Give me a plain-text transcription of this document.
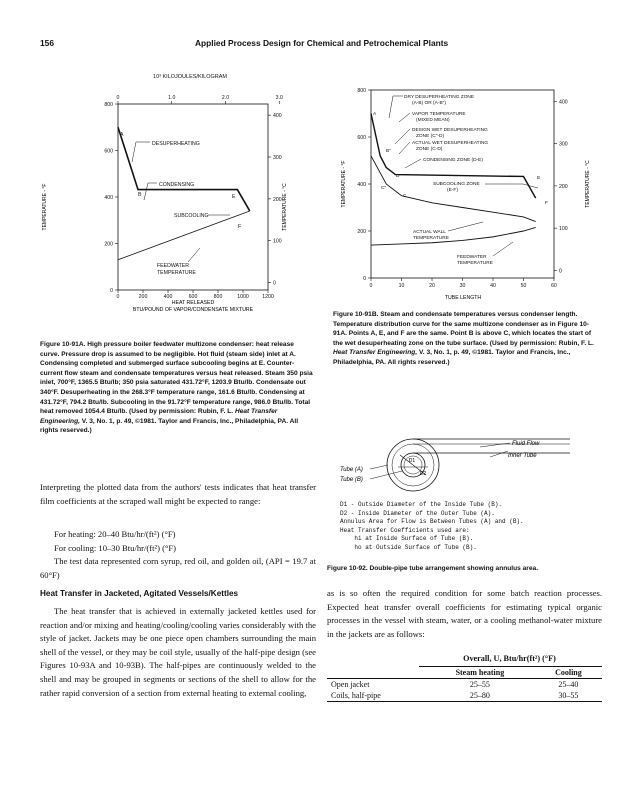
156	Applied Process Design for Chemical and Petrochemical Plants
10³ KILOJOULES/KILOGRAM
0	1.0	2.0	3.0
800
600
400
200
0
400
300
200
100
0
0	200	400	600	800	1000	1200
TEMPERATURE - °F	TEMPERATURE - °C
HEAT RELEASED
BTU/POUND OF VAPOR/CONDENSATE MIXTURE
A
B	E
F
DESUPERHEATING
CONDENSING
SUBCOOLING
FEEDWATER
TEMPERATURE
Figure 10-91A. High pressure boiler feedwater multizone condenser: heat release curve. Pressure drop is assumed to be negligible. Hot fluid (steam side) inlet at A. Condensing completed and submerged surface subcooling begins at E. Counter-current flow steam and condensate temperatures versus heat released. Steam 350 psia inlet, 700°F, 1365.5 Btu/lb; 350 psia saturated 431.72°F, 1203.9 Btu/lb. Condensate out 340°F. Desuperheating in the 268.3°F temperature range, 161.6 Btu/lb. Condensing at 431.72°F, 794.2 Btu/lb. Subcooling in the 91.72°F temperature range, 986.0 Btu/lb. Total heat removed 1054.4 Btu/lb. (Used by permission: Rubin, F. L. Heat Transfer Engineering, V. 3, No. 1, p. 49, ©1981. Taylor and Francis, Inc., Philadelphia, PA. All rights reserved.)
800
600
400
200
0
400
300
200
100
0
0	10	20	30	40	50	60
TEMPERATURE - °F	TEMPERATURE - °C
TUBE LENGTH
DRY DESUPERHEATING ZONE
(A-B) OR (A-B")
VAPOR TEMPERATURE
(MIXED MEAN)
DESIGN WET DESUPERHEATING
ZONE (C"-D)
ACTUAL WET DESUPERHEATING
ZONE (C-D)
CONDENSING ZONE (D-E)
SUBCOOLING ZONE
(E-F)
ACTUAL WALL
TEMPERATURE
FEEDWATER
TEMPERATURE
A
B"
C"
C
D	E
F
Figure 10-91B. Steam and condensate temperatures versus condenser length. Temperature distribution curve for the same multizone condenser as in Figure 10-91A. Points A, E, and F are the same. Point B is above C, which locates the start of the wet desuperheating zone on the tube surface. (Used by permission: Rubin, F. L. Heat Transfer Engineering, V. 3, No. 1, p. 49, ©1981. Taylor and Francis, Inc., Philadelphia, PA. All rights reserved.)
D1
D2
Fluid Flow
Inner Tube
Tube (A)
Tube (B)
D1 - Outside Diameter of the Inside Tube (B).
D2 - Inside Diameter of the Outer Tube (A).
Annulus Area for Flow is Between Tubes (A) and (B).
Heat Transfer Coefficients used are:
hi at Inside Surface of Tube (B).
ho at Outside Surface of Tube (B).
Figure 10-92. Double-pipe tube arrangement showing annulus area.
Interpreting the plotted data from the authors' tests indicates that heat transfer film coefficients at the scraped wall might be expected to range:
For heating: 20–40 Btu/hr/(ft²) (°F)
For cooling: 10–30 Btu/hr/(ft²) (°F)
The test data represented corn syrup, red oil, and golden oil, (API = 19.7 at 60°F)
Heat Transfer in Jacketed, Agitated Vessels/Kettles
The heat transfer that is achieved in externally jacketed kettles used for reaction and/or mixing and heating/cooling/cooling varies considerably with the style of jacket. Jackets may be one piece open chambers surrounding the main shell of the vessel, or they may be coil style, usually of the half-pipe design (see Figures 10-93A and 10-93B). The half-pipes are continuously welded to the shell and may be grouped in segments or sections of the shell to allow for the rather rapid conversion of a section from external heating to external cooling,
as is so often the required condition for some batch reaction processes. Expected heat transfer overall coefficients for estimating typical organic processes in the vessel with steam, water, or a cooling methanol-water mixture in the jackets are as follows:
Overall, U, Btu/hr(ft²) (°F)
	Steam heating	Cooling
Open jacket	25–55	25–40
Coils, half-pipe	25–80	30–55
